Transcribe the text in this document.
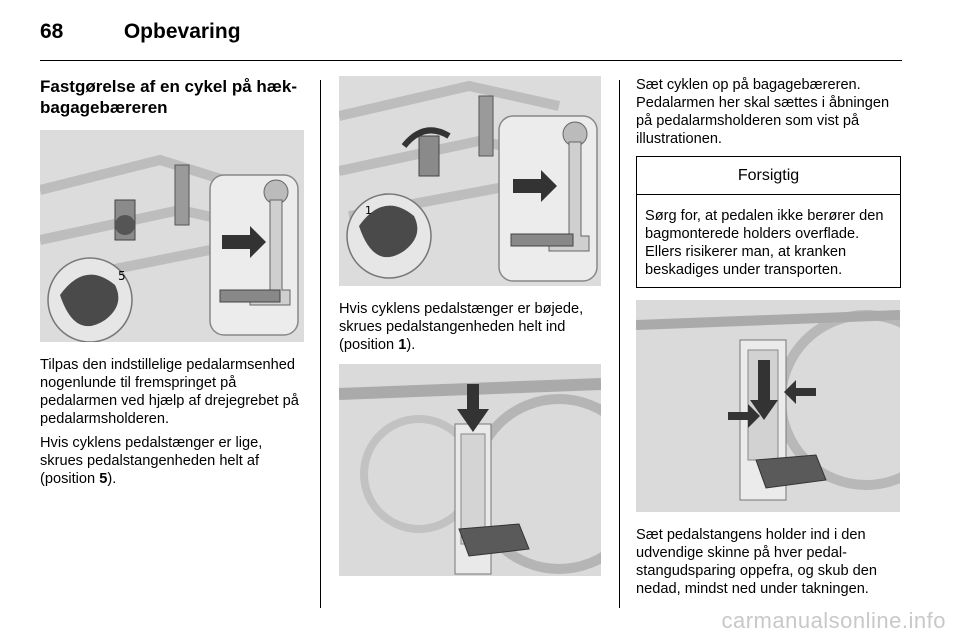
68	Opbevaring
Fastgørelse af en cykel på hæk-bagagebæreren
5

Tilpas den indstillelige pedalarmsenhed nogenlunde til fremspringet på pedalarmen ved hjælp af drejegrebet på pedalarmsholderen.

Hvis cyklens pedalstænger er lige, skrues pedalstangenheden helt af (position 5).

1

Hvis cyklens pedalstænger er bøjede, skrues pedalstangenheden helt ind (position 1).

Sæt cyklen op på bagagebæreren. Pedalarmen her skal sættes i åbningen på pedalarmsholderen som vist på illustrationen.

Forsigtig
Sørg for, at pedalen ikke berører den bagmonterede holders overflade. Ellers risikerer man, at kranken beskadiges under transporten.

Sæt pedalstangens holder ind i den udvendige skinne på hver pedalstangudsparing oppefra, og skub den nedad, mindst ned under takningen.

carmanualsonline.info
